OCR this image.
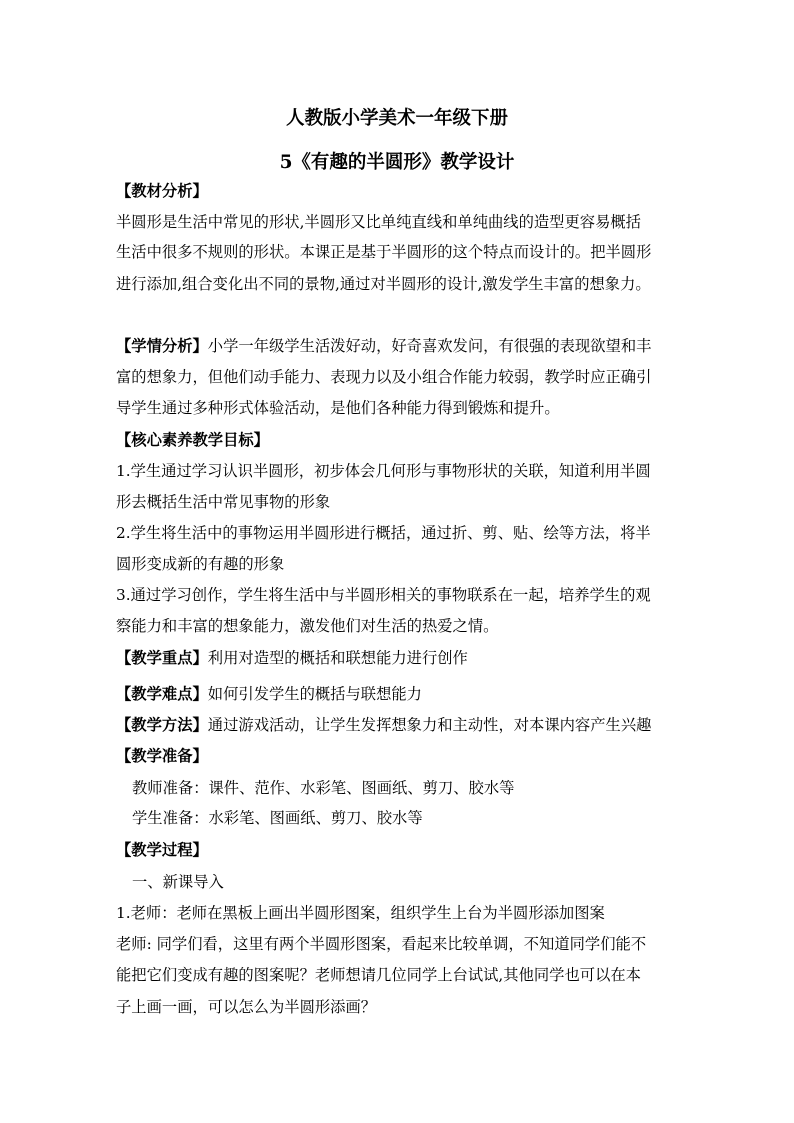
人教版小学美术一年级下册
5《有趣的半圆形》教学设计
【教材分析】
半圆形是生活中常见的形状,半圆形又比单纯直线和单纯曲线的造型更容易概括
生活中很多不规则的形状。本课正是基于半圆形的这个特点而设计的。把半圆形
进行添加,组合变化出不同的景物,通过对半圆形的设计,激发学生丰富的想象力。
【学情分析】小学一年级学生活泼好动，好奇喜欢发问，有很强的表现欲望和丰
富的想象力，但他们动手能力、表现力以及小组合作能力较弱，教学时应正确引
导学生通过多种形式体验活动，是他们各种能力得到锻炼和提升。
【核心素养教学目标】
1.学生通过学习认识半圆形，初步体会几何形与事物形状的关联，知道利用半圆
形去概括生活中常见事物的形象
2.学生将生活中的事物运用半圆形进行概括，通过折、剪、贴、绘等方法，将半
圆形变成新的有趣的形象
3.通过学习创作，学生将生活中与半圆形相关的事物联系在一起，培养学生的观
察能力和丰富的想象能力，激发他们对生活的热爱之情。
【教学重点】利用对造型的概括和联想能力进行创作
【教学难点】如何引发学生的概括与联想能力
【教学方法】通过游戏活动，让学生发挥想象力和主动性，对本课内容产生兴趣
【教学准备】
教师准备：课件、范作、水彩笔、图画纸、剪刀、胶水等
学生准备：水彩笔、图画纸、剪刀、胶水等
【教学过程】
一、新课导入
1.老师：老师在黑板上画出半圆形图案，组织学生上台为半圆形添加图案
老师: 同学们看，这里有两个半圆形图案，看起来比较单调，不知道同学们能不
能把它们变成有趣的图案呢？老师想请几位同学上台试试,其他同学也可以在本
子上画一画，可以怎么为半圆形添画？
